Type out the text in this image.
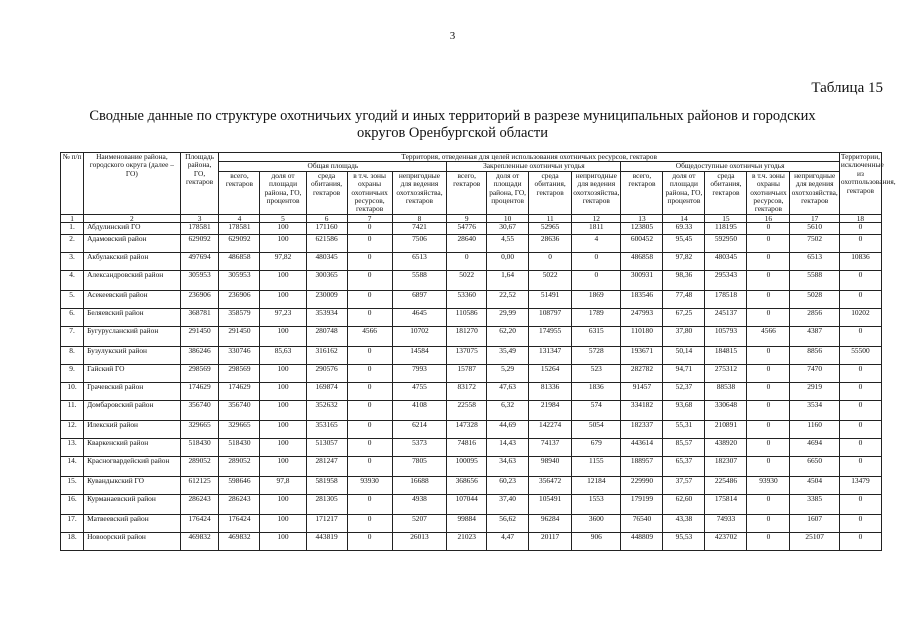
3
Таблица 15
Сводные данные по структуре охотничьих угодий и иных территорий в разрезе муниципальных районов и городских
округов Оренбургской области
№ п/п	Наименование района, городского округа (далее – ГО)	Площадь района, ГО, гектаров	Территория, отведенная для целей использования охотничьих ресурсов, гектаров														Территории, исключенные из охотпользования, гектаров
			Общая площадь					Закрепленные охотничьи угодья				Общедоступные охотничьи угодья					
			всего, гектаров	доля от площади района, ГО, процентов	среда обитания, гектаров	в т.ч. зоны охраны охотничьих ресурсов, гектаров	непригодные для ведения охотхозяйства, гектаров	всего, гектаров	доля от площади района, ГО, процентов	среда обитания, гектаров	непригодные для ведения охотхозяйства, гектаров	всего, гектаров	доля от площади района, ГО, процентов	среда обитания, гектаров	в т.ч. зоны охраны охотничьих ресурсов, гектаров	непригодные для ведения охотхозяйства, гектаров	
1	2	3	4	5	6	7	8	9	10	11	12	13	14	15	16	17	18
1.	Абдулинский ГО	178581	178581	100	171160	0	7421	54776	30,67	52965	1811	123805	69.33	118195	0	5610	0
2.	Адамовский район	629092	629092	100	621586	0	7506	28640	4,55	28636	4	600452	95,45	592950	0	7502	0
3.	Акбулакский район	497694	486858	97,82	480345	0	6513	0	0,00	0	0	486858	97,82	480345	0	6513	10836
4.	Александровский район	305953	305953	100	300365	0	5588	5022	1,64	5022	0	300931	98,36	295343	0	5588	0
5.	Асекеевский район	236906	236906	100	230009	0	6897	53360	22,52	51491	1869	183546	77,48	178518	0	5028	0
6.	Беляевский район	368781	358579	97,23	353934	0	4645	110586	29,99	108797	1789	247993	67,25	245137	0	2856	10202
7.	Бугурусланский район	291450	291450	100	280748	4566	10702	181270	62,20	174955	6315	110180	37,80	105793	4566	4387	0
8.	Бузулукский район	386246	330746	85,63	316162	0	14584	137075	35,49	131347	5728	193671	50,14	184815	0	8856	55500
9.	Гайский ГО	298569	298569	100	290576	0	7993	15787	5,29	15264	523	282782	94,71	275312	0	7470	0
10.	Грачевский район	174629	174629	100	169874	0	4755	83172	47,63	81336	1836	91457	52,37	88538	0	2919	0
11.	Домбаровский район	356740	356740	100	352632	0	4108	22558	6,32	21984	574	334182	93,68	330648	0	3534	0
12.	Илекский район	329665	329665	100	353165	0	6214	147328	44,69	142274	5054	182337	55,31	210891	0	1160	0
13.	Кваркенский район	518430	518430	100	513057	0	5373	74816	14,43	74137	679	443614	85,57	438920	0	4694	0
14.	Красногвардейский район	289052	289052	100	281247	0	7805	100095	34,63	98940	1155	188957	65,37	182307	0	6650	0
15.	Кувандыкский ГО	612125	598646	97,8	581958	93930	16688	368656	60,23	356472	12184	229990	37,57	225486	93930	4504	13479
16.	Курманаевский район	286243	286243	100	281305	0	4938	107044	37,40	105491	1553	179199	62,60	175814	0	3385	0
17.	Матвеевский район	176424	176424	100	171217	0	5207	99884	56,62	96284	3600	76540	43,38	74933	0	1607	0
18.	Новоорский район	469832	469832	100	443819	0	26013	21023	4,47	20117	906	448809	95,53	423702	0	25107	0
